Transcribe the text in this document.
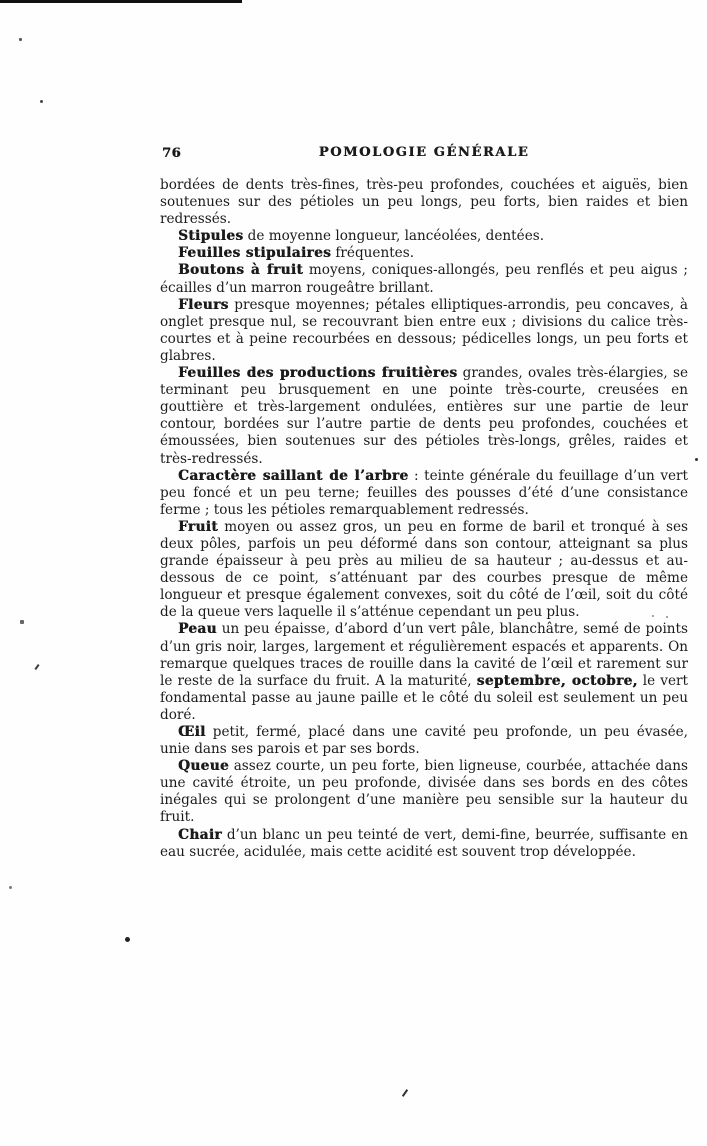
76	POMOLOGIE GÉNÉRALE

bordées de dents très-fines, très-peu profondes, couchées et aiguës, bien soutenues sur des pétioles un peu longs, peu forts, bien raides et bien redressés.

Stipules de moyenne longueur, lancéolées, dentées.

Feuilles stipulaires fréquentes.

Boutons à fruit moyens, coniques-allongés, peu renflés et peu aigus ; écailles d’un marron rougeâtre brillant.

Fleurs presque moyennes; pétales elliptiques-arrondis, peu concaves, à onglet presque nul, se recouvrant bien entre eux ; divisions du calice très-courtes et à peine recourbées en dessous; pédicelles longs, un peu forts et glabres.

Feuilles des productions fruitières grandes, ovales très-élargies, se terminant peu brusquement en une pointe très-courte, creusées en gouttière et très-largement ondulées, entières sur une partie de leur contour, bordées sur l’autre partie de dents peu profondes, couchées et émoussées, bien soutenues sur des pétioles très-longs, grêles, raides et très-redressés.

Caractère saillant de l’arbre : teinte générale du feuillage d’un vert peu foncé et un peu terne; feuilles des pousses d’été d’une consistance ferme ; tous les pétioles remarquablement redressés.

Fruit moyen ou assez gros, un peu en forme de baril et tronqué à ses deux pôles, parfois un peu déformé dans son contour, atteignant sa plus grande épaisseur à peu près au milieu de sa hauteur ; au-dessus et au-dessous de ce point, s’atténuant par des courbes presque de même longueur et presque également convexes, soit du côté de l’œil, soit du côté de la queue vers laquelle il s’atténue cependant un peu plus.

Peau un peu épaisse, d’abord d’un vert pâle, blanchâtre, semé de points d’un gris noir, larges, largement et régulièrement espacés et apparents. On remarque quelques traces de rouille dans la cavité de l’œil et rarement sur le reste de la surface du fruit. A la maturité, septembre, octobre, le vert fondamental passe au jaune paille et le côté du soleil est seulement un peu doré.

Œil petit, fermé, placé dans une cavité peu profonde, un peu évasée, unie dans ses parois et par ses bords.

Queue assez courte, un peu forte, bien ligneuse, courbée, attachée dans une cavité étroite, un peu profonde, divisée dans ses bords en des côtes inégales qui se prolongent d’une manière peu sensible sur la hauteur du fruit.

Chair d’un blanc un peu teinté de vert, demi-fine, beurrée, suffisante en eau sucrée, acidulée, mais cette acidité est souvent trop développée.
